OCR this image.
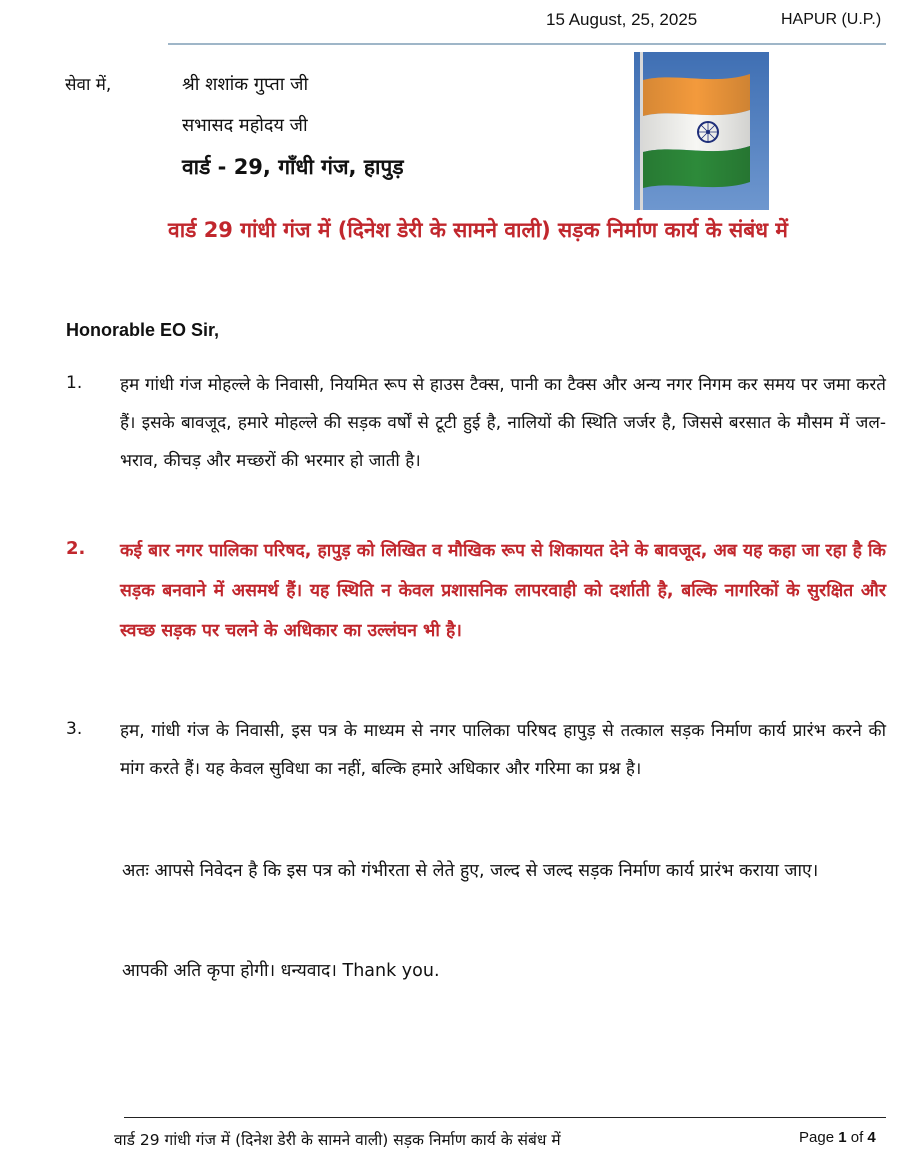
15 August, 25, 2025	HAPUR (U.P.)
सेवा में,	श्री शशांक गुप्ता जी
सभासद महोदय जी
वार्ड - 29, गाँधी गंज, हापुड़
वार्ड 29 गांधी गंज में (दिनेश डेरी के सामने वाली) सड़क निर्माण कार्य के संबंध में
Honorable EO Sir,
1. हम गांधी गंज मोहल्ले के निवासी, नियमित रूप से हाउस टैक्स, पानी का टैक्स और अन्य नगर निगम कर समय पर जमा करते हैं। इसके बावजूद, हमारे मोहल्ले की सड़क वर्षों से टूटी हुई है, नालियों की स्थिति जर्जर है, जिससे बरसात के मौसम में जल-भराव, कीचड़ और मच्छरों की भरमार हो जाती है।
2. कई बार नगर पालिका परिषद, हापुड़ को लिखित व मौखिक रूप से शिकायत देने के बावजूद, अब यह कहा जा रहा है कि सड़क बनवाने में असमर्थ हैं। यह स्थिति न केवल प्रशासनिक लापरवाही को दर्शाती है, बल्कि नागरिकों के सुरक्षित और स्वच्छ सड़क पर चलने के अधिकार का उल्लंघन भी है।
3. हम, गांधी गंज के निवासी, इस पत्र के माध्यम से नगर पालिका परिषद हापुड़ से तत्काल सड़क निर्माण कार्य प्रारंभ करने की मांग करते हैं। यह केवल सुविधा का नहीं, बल्कि हमारे अधिकार और गरिमा का प्रश्न है।
अतः आपसे निवेदन है कि इस पत्र को गंभीरता से लेते हुए, जल्द से जल्द सड़क निर्माण कार्य प्रारंभ कराया जाए।
आपकी अति कृपा होगी। धन्यवाद। Thank you.
वार्ड 29 गांधी गंज में (दिनेश डेरी के सामने वाली) सड़क निर्माण कार्य के संबंध में	Page 1 of 4
